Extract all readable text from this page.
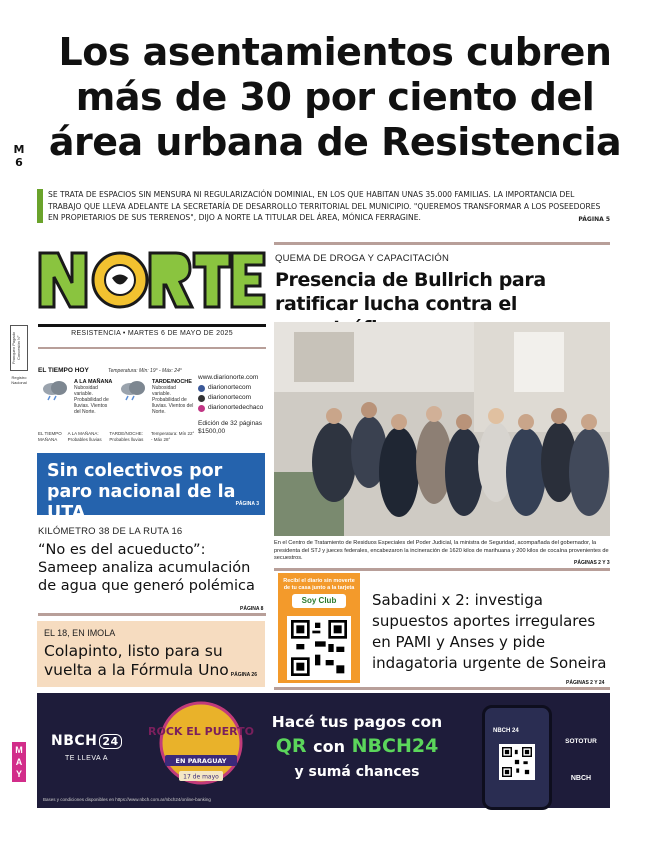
M
6
Los asentamientos cubren
más de 30 por ciento del
área urbana de Resistencia
SE TRATA DE ESPACIOS SIN MENSURA NI REGULARIZACIÓN DOMINIAL, EN LOS QUE HABITAN UNAS 35.000 FAMILIAS. LA IMPORTANCIA DEL TRABAJO QUE LLEVA ADELANTE LA SECRETARÍA DE DESARROLLO TERRITORIAL DEL MUNICIPIO. "QUEREMOS TRANSFORMAR A LOS POSEEDORES EN PROPIETARIOS DE SUS TERRENOS", DIJO A NORTE LA TITULAR DEL ÁREA, MÓNICA FERRAGINE.	PÁGINA 5
Franqueo Pagado Concesión N°
Registro Nacional
RESISTENCIA • MARTES 6 DE MAYO DE 2025
EL TIEMPO HOY	Temperatura: Mín: 19° - Máx: 24°
A LA MAÑANA
Nubosidad variable. Probabilidad de lluvias. Vientos del Norte.
TARDE/NOCHE
Nubosidad variable. Probabilidad de lluvias. Vientos del Norte.
EL TIEMPO MAÑANA
A LA MAÑANA: Probables lluvias
TARDE/NOCHE: Probables lluvias
Temperatura: Mín 22° - Máx 28°
www.diarionorte.com
diarionortecom
diarionortecom
diarionortedechaco
Edición de 32 páginas
$1500,00
Sin colectivos por paro nacional de la UTA	PÁGINA 3
KILÓMETRO 38 DE LA RUTA 16
“No es del acueducto”: Sameep analiza acumulación de agua que generó polémica
PÁGINA 8
EL 18, EN IMOLA
Colapinto, listo para su vuelta a la Fórmula Uno PÁGINA 26
QUEMA DE DROGA Y CAPACITACIÓN
Presencia de Bullrich para ratificar lucha contra el
En el Centro de Tratamiento de Residuos Especiales del Poder Judicial, la ministra de Seguridad, acompañada del gobernador, la presidenta del STJ y jueces federales, encabezaron la incineración de 1620 kilos de marihuana y 200 kilos de cocaína provenientes de secuestros.
PÁGINAS 2 Y 3
Recibí el diario sin moverte de tu casa junto a la tarjeta
Soy Club	Sabadini x 2: investiga supuestos aportes irregulares en PAMI y Anses y pide indagatoria urgente de Soneira
PÁGINAS 2 Y 24
NBCH 24
TE LLEVA A
ROCK EL PUERTO
EN PARAGUAY
17 de mayo
Hacé tus pagos con
QR con NBCH24
y sumá chances
NBCH 24
SOTOTUR
NBCH
Bases y condiciones disponibles en https://www.nbch.com.ar/nbch24/online-banking
M
A
Y
